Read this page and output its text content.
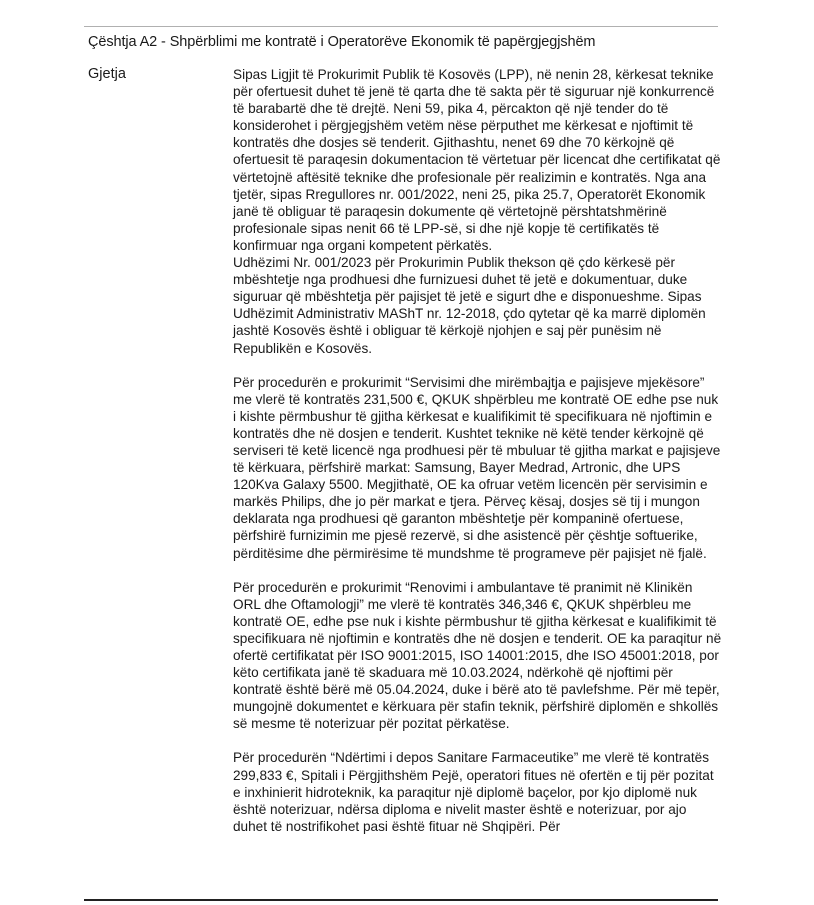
Çështja A2 - Shpërblimi me kontratë i Operatorëve Ekonomik të papërgjegjshëm
Gjetja	Sipas Ligjit të Prokurimit Publik të Kosovës (LPP), në nenin 28, kërkesat teknike për ofertuesit duhet të jenë të qarta dhe të sakta për të siguruar një konkurrencë të barabartë dhe të drejtë. Neni 59, pika 4, përcakton që një tender do të konsiderohet i përgjegjshëm vetëm nëse përputhet me kërkesat e njoftimit të kontratës dhe dosjes së tenderit. Gjithashtu, nenet 69 dhe 70 kërkojnë që ofertuesit të paraqesin dokumentacion të vërtetuar për licencat dhe certifikatat që vërtetojnë aftësitë teknike dhe profesionale për realizimin e kontratës. Nga ana tjetër, sipas Rregullores nr. 001/2022, neni 25, pika 25.7, Operatorët Ekonomik janë të obliguar të paraqesin dokumente që vërtetojnë përshtatshmërinë profesionale sipas nenit 66 të LPP-së, si dhe një kopje të certifikatës të konfirmuar nga organi kompetent përkatës.

Udhëzimi Nr. 001/2023 për Prokurimin Publik thekson që çdo kërkesë për mbështetje nga prodhuesi dhe furnizuesi duhet të jetë e dokumentuar, duke siguruar që mbështetja për pajisjet të jetë e sigurt dhe e disponueshme. Sipas Udhëzimit Administrativ MAShT nr. 12-2018, çdo qytetar që ka marrë diplomën jashtë Kosovës është i obliguar të kërkojë njohjen e saj për punësim në Republikën e Kosovës.

Për procedurën e prokurimit “Servisimi dhe mirëmbajtja e pajisjeve mjekësore” me vlerë të kontratës 231,500 €, QKUK shpërbleu me kontratë OE edhe pse nuk i kishte përmbushur të gjitha kërkesat e kualifikimit të specifikuara në njoftimin e kontratës dhe në dosjen e tenderit. Kushtet teknike në këtë tender kërkojnë që serviseri të ketë licencë nga prodhuesi për të mbuluar të gjitha markat e pajisjeve të kërkuara, përfshirë markat: Samsung, Bayer Medrad, Artronic, dhe UPS 120Kva Galaxy 5500. Megjithatë, OE ka ofruar vetëm licencën për servisimin e markës Philips, dhe jo për markat e tjera. Përveç kësaj, dosjes së tij i mungon deklarata nga prodhuesi që garanton mbështetje për kompaninë ofertuese, përfshirë furnizimin me pjesë rezervë, si dhe asistencë për çështje softuerike, përditësime dhe përmirësime të mundshme të programeve për pajisjet në fjalë.

Për procedurën e prokurimit “Renovimi i ambulantave të pranimit në Klinikën ORL dhe Oftamologji” me vlerë të kontratës 346,346 €, QKUK shpërbleu me kontratë OE, edhe pse nuk i kishte përmbushur të gjitha kërkesat e kualifikimit të specifikuara në njoftimin e kontratës dhe në dosjen e tenderit. OE ka paraqitur në ofertë certifikatat për ISO 9001:2015, ISO 14001:2015, dhe ISO 45001:2018, por këto certifikata janë të skaduara më 10.03.2024, ndërkohë që njoftimi për kontratë është bërë më 05.04.2024, duke i bërë ato të pavlefshme. Për më tepër, mungojnë dokumentet e kërkuara për stafin teknik, përfshirë diplomën e shkollës së mesme të noterizuar për pozitat përkatëse.

Për procedurën “Ndërtimi i depos Sanitare Farmaceutike” me vlerë të kontratës 299,833 €, Spitali i Përgjithshëm Pejë, operatori fitues në ofertën e tij për pozitat e inxhinierit hidroteknik, ka paraqitur një diplomë baçelor, por kjo diplomë nuk është noterizuar, ndërsa diploma e nivelit master është e noterizuar, por ajo duhet të nostrifikohet pasi është fituar në Shqipëri. Për
